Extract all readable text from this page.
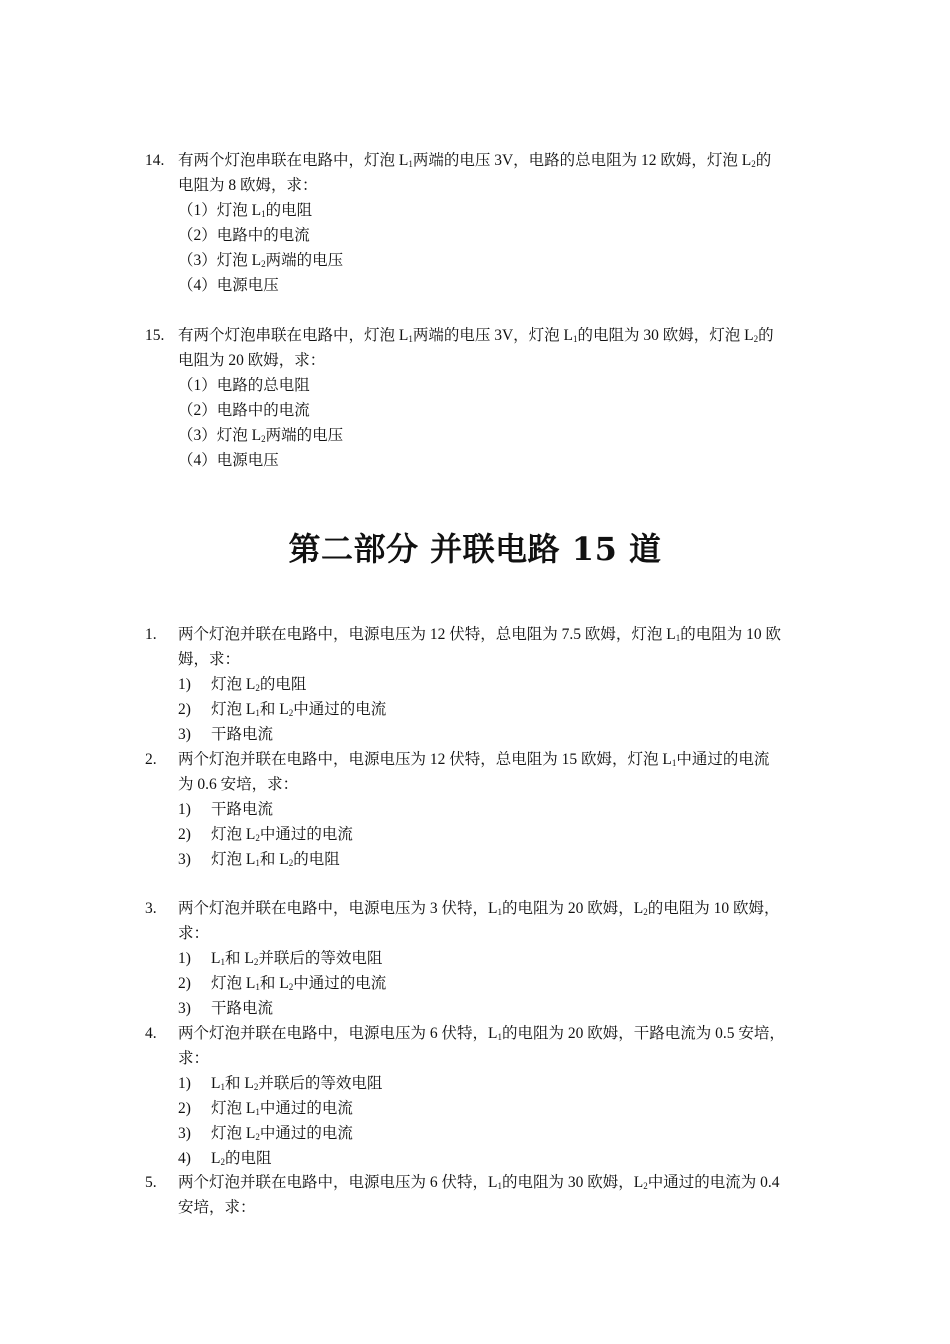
14. 有两个灯泡串联在电路中，灯泡 $L_1$两端的电压 3V，电路的总电阻为 12 欧姆，灯泡 $L_2$的
电阻为 8 欧姆，求：
（1）灯泡 $L_1$的电阻
（2）电路中的电流
（3）灯泡 $L_2$两端的电压
（4）电源电压
15. 有两个灯泡串联在电路中，灯泡 $L_1$两端的电压 3V，灯泡 $L_1$的电阻为 30 欧姆，灯泡 $L_2$的
电阻为 20 欧姆，求：
（1）电路的总电阻
（2）电路中的电流
（3）灯泡 $L_2$两端的电压
（4）电源电压
第二部分 并联电路 15 道
1. 两个灯泡并联在电路中，电源电压为 12 伏特，总电阻为 7.5 欧姆，灯泡 $L_1$的电阻为 10 欧
姆，求：
1) 灯泡 $L_2$的电阻
2) 灯泡 $L_1$和 $L_2$中通过的电流
3) 干路电流
2. 两个灯泡并联在电路中，电源电压为 12 伏特，总电阻为 15 欧姆，灯泡 $L_1$中通过的电流
为 0.6 安培，求：
1) 干路电流
2) 灯泡 $L_2$中通过的电流
3) 灯泡 $L_1$和 $L_2$的电阻
3. 两个灯泡并联在电路中，电源电压为 3 伏特，$L_1$的电阻为 20 欧姆，$L_2$的电阻为 10 欧姆，
求：
1) $L_1$和 $L_2$并联后的等效电阻
2) 灯泡 $L_1$和 $L_2$中通过的电流
3) 干路电流
4. 两个灯泡并联在电路中，电源电压为 6 伏特，$L_1$的电阻为 20 欧姆，干路电流为 0.5 安培，
求：
1) $L_1$和 $L_2$并联后的等效电阻
2) 灯泡 $L_1$中通过的电流
3) 灯泡 $L_2$中通过的电流
4) $L_2$的电阻
5. 两个灯泡并联在电路中，电源电压为 6 伏特，$L_1$的电阻为 30 欧姆，$L_2$中通过的电流为 0.4
安培，求：
